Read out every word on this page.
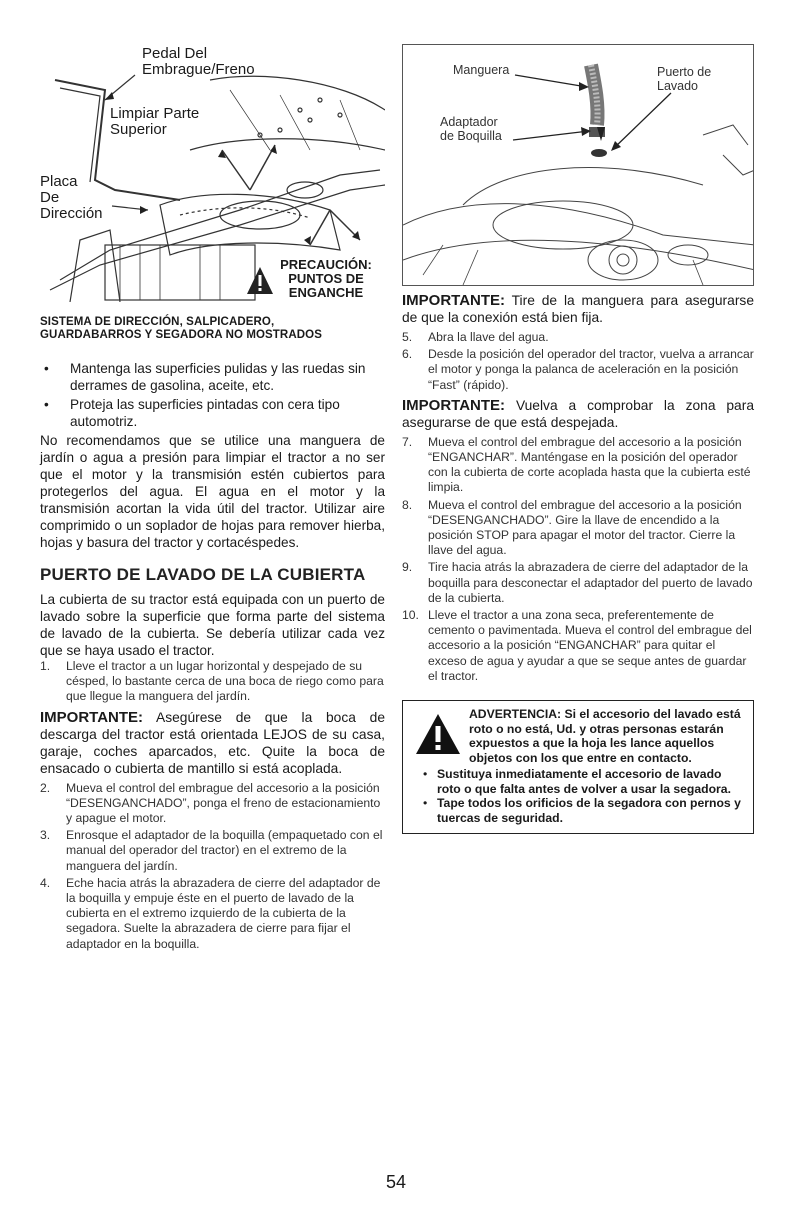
Pedal Del
Embrague/Freno
Limpiar Parte
Superior
Placa
De
Dirección
PRECAUCIÓN:
PUNTOS DE
ENGANCHE
SISTEMA DE DIRECCIÓN, SALPICADERO,
GUARDABARROS Y SEGADORA NO MOSTRADOS
• Mantenga las superficies pulidas y las ruedas sin derrames de gasolina, aceite, etc.
• Proteja las superficies pintadas con cera tipo automotriz.

No recomendamos que se utilice una manguera de jardín o agua a presión para limpiar el tractor a no ser que el motor y la transmisión estén cubiertos para protegerlos del agua. El agua en el motor y la transmisión acortan la vida útil del tractor. Utilizar aire comprimido o un soplador de hojas para remover hierba, hojas y basura del tractor y cortacéspedes.

PUERTO DE LAVADO DE LA CUBIERTA

La cubierta de su tractor está equipada con un puerto de lavado sobre la superficie que forma parte del sistema de lavado de la cubierta. Se debería utilizar cada vez que se haya usado el tractor.

1. Lleve el tractor a un lugar horizontal y despejado de su césped, lo bastante cerca de una boca de riego como para que llegue la manguera del jardín.

IMPORTANTE: Asegúrese de que la boca de descarga del tractor está orientada LEJOS de su casa, garaje, coches aparcados, etc. Quite la boca de ensacado o cubierta de mantillo si está acoplada.

2. Mueva el control del embrague del accesorio a la posición “DESENGANCHADO”, ponga el freno de estacionamiento y apague el motor.
3. Enrosque el adaptador de la boquilla (empaquetado con el manual del operador del tractor) en el extremo de la manguera del jardín.
4. Eche hacia atrás la abrazadera de cierre del adaptador de la boquilla y empuje éste en el puerto de lavado de la cubierta en el extremo izquierdo de la cubierta de la segadora. Suelte la abrazadera de cierre para fijar el adaptador en la boquilla.
Manguera	Puerto de
Lavado
Adaptador
de Boquilla

IMPORTANTE: Tire de la manguera para asegurarse de que la conexión está bien fija.

5. Abra la llave del agua.
6. Desde la posición del operador del tractor, vuelva a arrancar el motor y ponga la palanca de aceleración en la posición “Fast” (rápido).

IMPORTANTE: Vuelva a comprobar la zona para asegurarse de que está despejada.

7. Mueva el control del embrague del accesorio a la posición “ENGANCHAR”. Manténgase en la posición del operador con la cubierta de corte acoplada hasta que la cubierta esté limpia.
8. Mueva el control del embrague del accesorio a la posición “DESENGANCHADO”. Gire la llave de encendido a la posición STOP para apagar el motor del tractor. Cierre la llave del agua.
9. Tire hacia atrás la abrazadera de cierre del adaptador de la boquilla para desconectar el adaptador del puerto de lavado de la cubierta.
10. Lleve el tractor a una zona seca, preferentemente de cemento o pavimentada. Mueva el control del embrague del accesorio a la posición “ENGANCHAR” para quitar el exceso de agua y ayudar a que se seque antes de guardar el tractor.
ADVERTENCIA: Si el accesorio del lavado está roto o no está, Ud. y otras personas estarán expuestos a que la hoja les lance aquellos objetos con los que entre en contacto.
• Sustituya inmediatamente el accesorio de lavado roto o que falta antes de volver a usar la segadora.
• Tape todos los orificios de la segadora con pernos y tuercas de seguridad.
54
